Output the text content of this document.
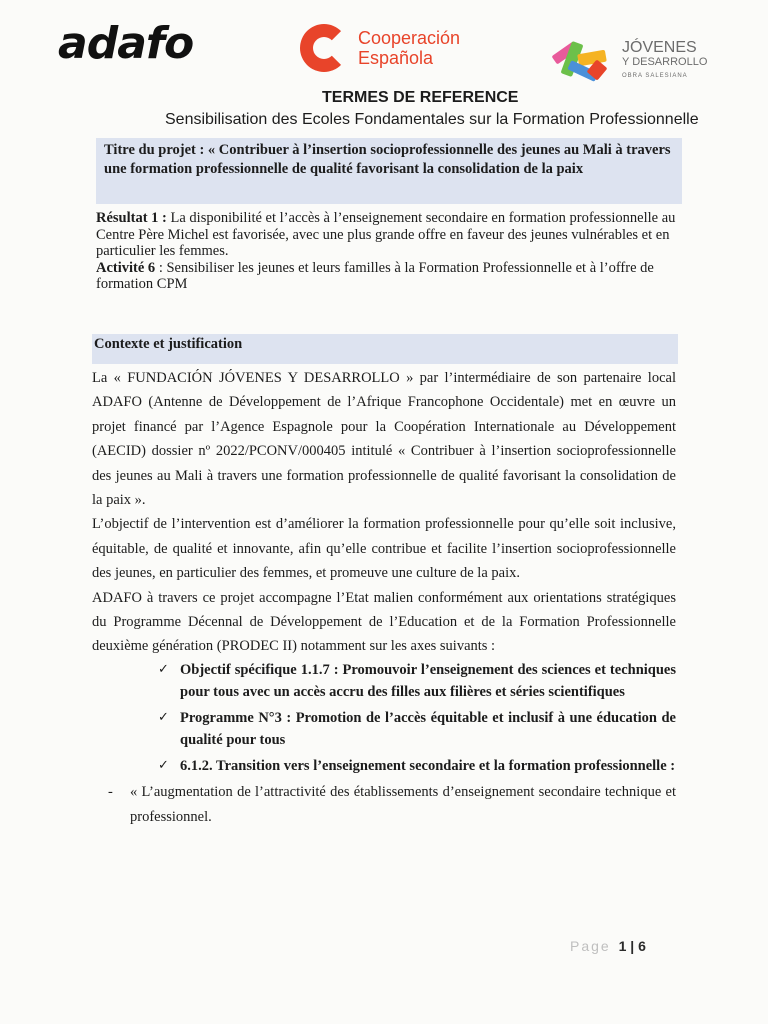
adafo	Cooperación
Española
JÓVENES
Y DESARROLLO
OBRA SALESIANA
TERMES DE REFERENCE
Sensibilisation des Ecoles Fondamentales sur la Formation Professionnelle

Titre du projet : « Contribuer à l’insertion socioprofessionnelle des jeunes au Mali à travers une formation professionnelle de qualité favorisant la consolidation de la paix

Résultat 1 : La disponibilité et l’accès à l’enseignement secondaire en formation professionnelle au Centre Père Michel est favorisée, avec une plus grande offre en faveur des jeunes vulnérables et en particulier les femmes.

Activité 6 : Sensibiliser les jeunes et leurs familles à la Formation Professionnelle et à l’offre de formation CPM

Contexte et justification

La « FUNDACIÓN JÓVENES Y DESARROLLO » par l’intermédiaire de son partenaire local ADAFO (Antenne de Développement de l’Afrique Francophone Occidentale) met en œuvre un projet financé par l’Agence Espagnole pour la Coopération Internationale au Développement (AECID) dossier nº 2022/PCONV/000405 intitulé « Contribuer à l’insertion socioprofessionnelle des jeunes au Mali à travers une formation professionnelle de qualité favorisant la consolidation de la paix ».

L’objectif de l’intervention est d’améliorer la formation professionnelle pour qu’elle soit inclusive, équitable, de qualité et innovante, afin qu’elle contribue et facilite l’insertion socioprofessionnelle des jeunes, en particulier des femmes, et promeuve une culture de la paix.

ADAFO à travers ce projet accompagne l’Etat malien conformément aux orientations stratégiques du Programme Décennal de Développement de l’Education et de la Formation Professionnelle deuxième génération (PRODEC II) notamment sur les axes suivants :

✓ Objectif spécifique 1.1.7 : Promouvoir l’enseignement des sciences et techniques pour tous avec un accès accru des filles aux filières et séries scientifiques
✓ Programme N°3 : Promotion de l’accès équitable et inclusif à une éducation de qualité pour tous
✓ 6.1.2. Transition vers l’enseignement secondaire et la formation professionnelle :

- « L’augmentation de l’attractivité des établissements d’enseignement secondaire technique et professionnel.

Page 1 | 6
